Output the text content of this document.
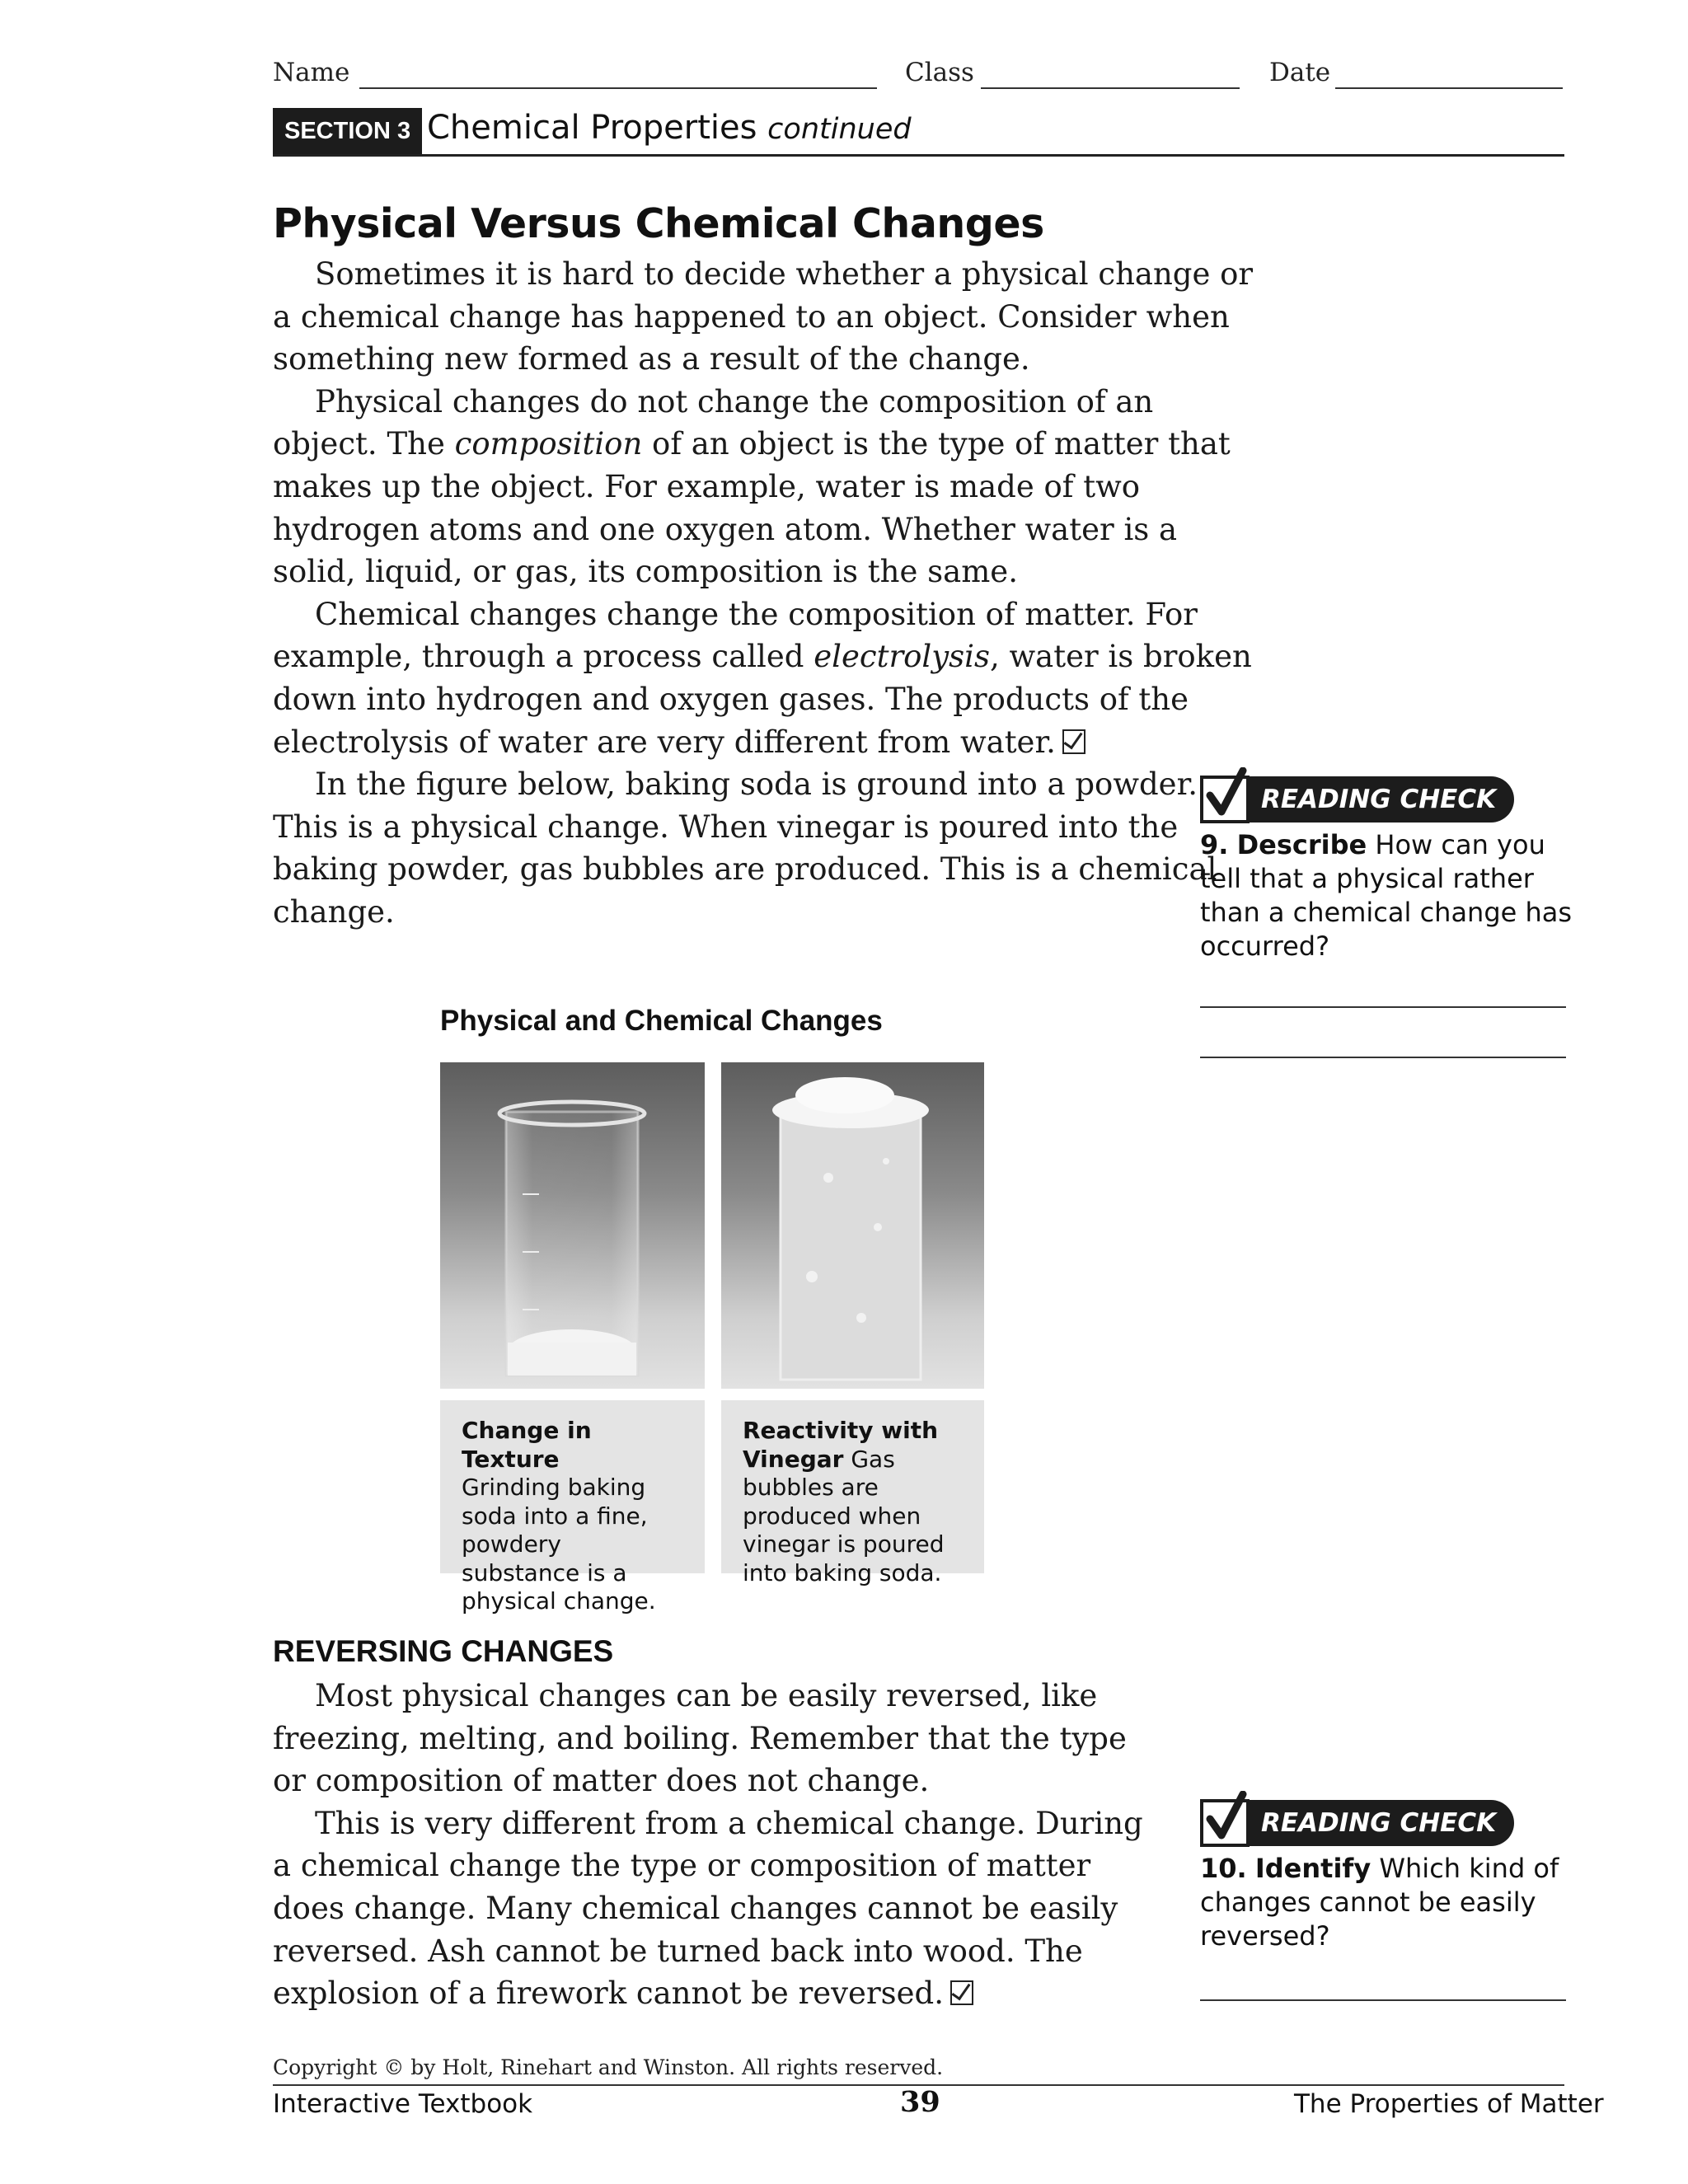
Name	Class	Date
SECTION 3 Chemical Properties continued
Physical Versus Chemical Changes

Sometimes it is hard to decide whether a physical change or a chemical change has happened to an object. Consider when something new formed as a result of the change.

Physical changes do not change the composition of an object. The composition of an object is the type of matter that makes up the object. For example, water is made of two hydrogen atoms and one oxygen atom. Whether water is a solid, liquid, or gas, its composition is the same.

Chemical changes change the composition of matter. For example, through a process called electrolysis, water is broken down into hydrogen and oxygen gases. The products of the electrolysis of water are very different from water.

In the figure below, baking soda is ground into a powder. This is a physical change. When vinegar is poured into the baking powder, gas bubbles are produced. This is a chemical change.

Physical and Chemical Changes
Change in Texture
Grinding baking soda into a fine, powdery substance is a physical change.
Reactivity with Vinegar Gas bubbles are produced when vinegar is poured into baking soda.
REVERSING CHANGES

Most physical changes can be easily reversed, like freezing, melting, and boiling. Remember that the type or composition of matter does not change.

This is very different from a chemical change. During a chemical change the type or composition of matter does change. Many chemical changes cannot be easily reversed. Ash cannot be turned back into wood. The explosion of a firework cannot be reversed.

READING CHECK
9. Describe How can you tell that a physical rather than a chemical change has occurred?
READING CHECK
10. Identify Which kind of changes cannot be easily reversed?
Copyright © by Holt, Rinehart and Winston. All rights reserved.
Interactive Textbook	39	The Properties of Matter
